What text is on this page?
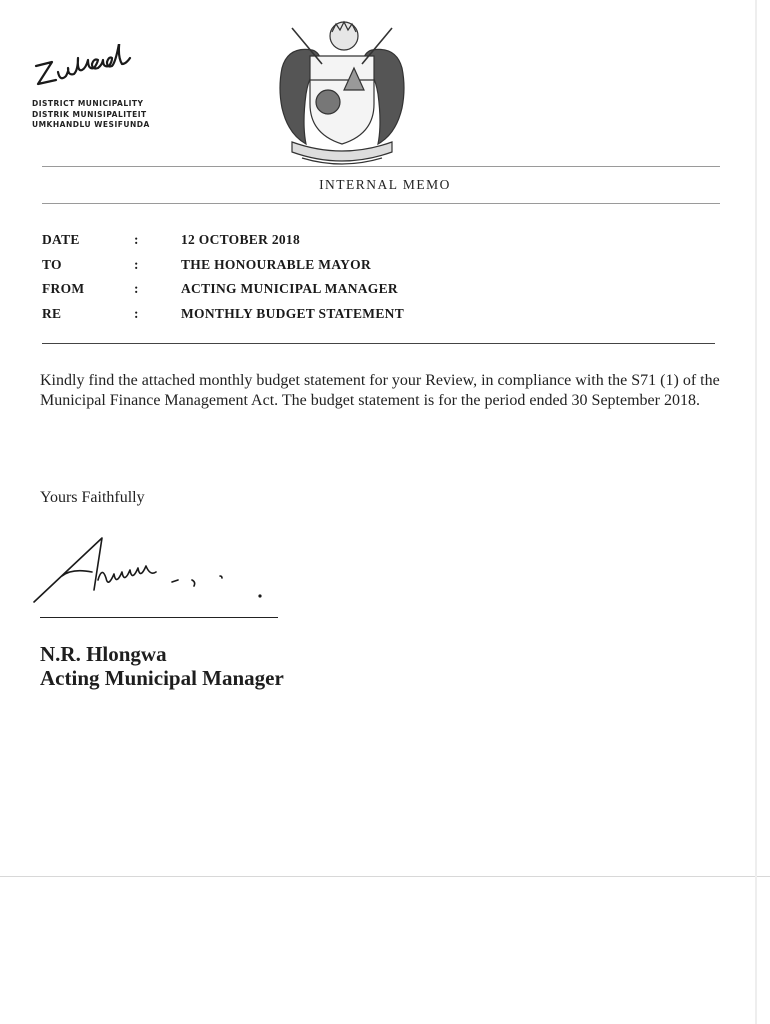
DISTRICT MUNICIPALITY
DISTRIK MUNISIPALITEIT
UMKHANDLU WESIFUNDA
INTERNAL MEMO
DATE	:	12 OCTOBER 2018
TO	:	THE HONOURABLE MAYOR
FROM	:	ACTING MUNICIPAL MANAGER
RE	:	MONTHLY BUDGET STATEMENT
Kindly find the attached monthly budget statement for your Review, in compliance with the S71 (1) of the Municipal Finance Management Act. The budget statement is for the period ended 30 September 2018.
Yours Faithfully
N.R. Hlongwa
Acting Municipal Manager
